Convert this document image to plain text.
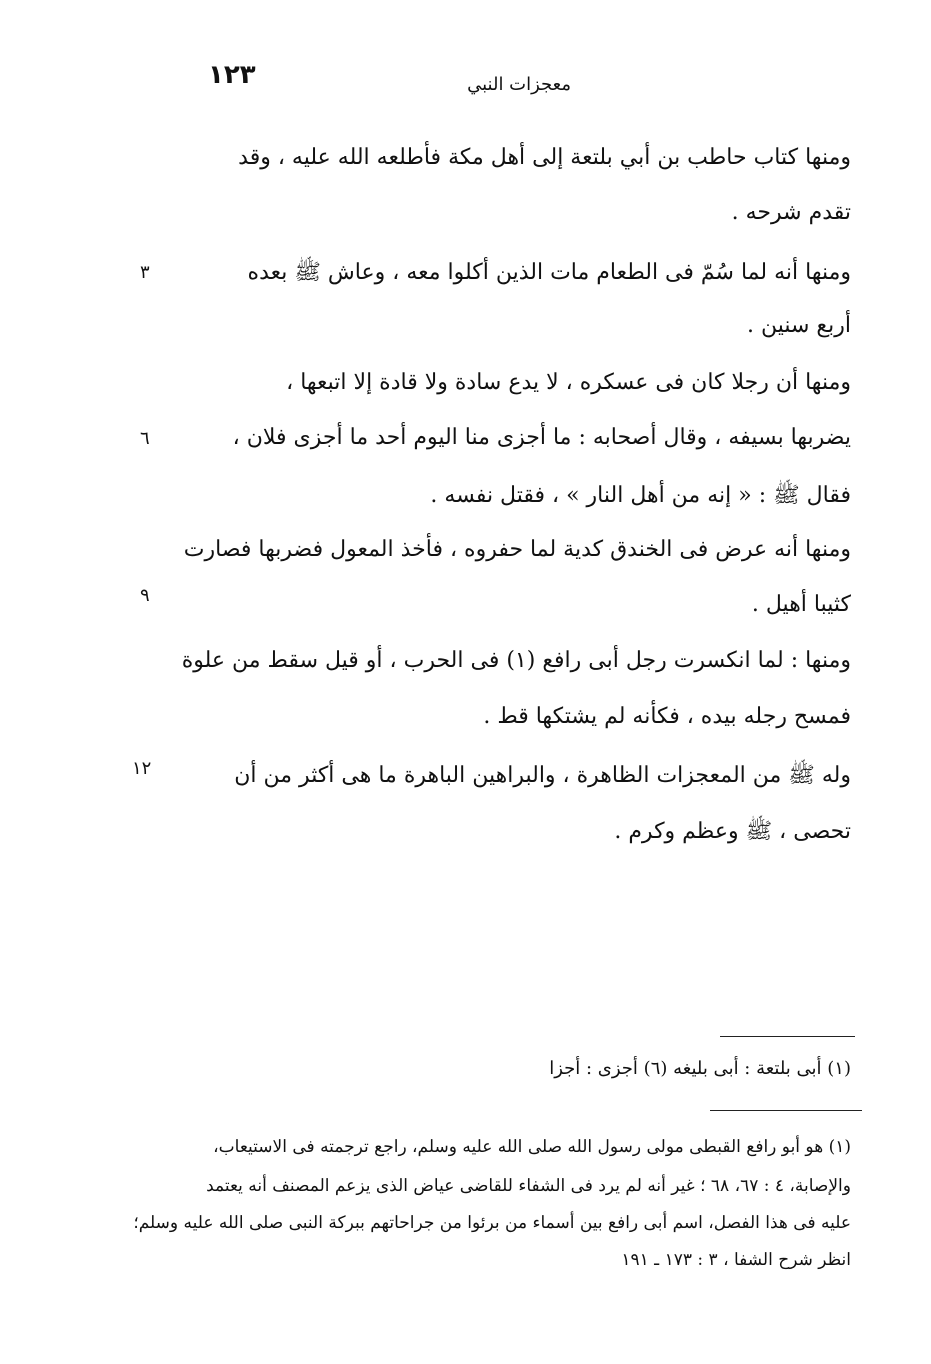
١٢٣	معجزات النبي
ومنها كتاب حاطب بن أبي بلتعة إلى أهل مكة فأطلعه الله عليه ، وقد
تقدم شرحه .
ومنها أنه لما سُمّ فى الطعام مات الذين أكلوا معه ، وعاش ﷺ بعده
أربع سنين .
ومنها أن رجلا كان فى عسكره ، لا يدع سادة ولا قادة إلا اتبعها ،
يضربها بسيفه ، وقال أصحابه : ما أجزى منا اليوم أحد ما أجزى فلان ،
فقال ﷺ : « إنه من أهل النار » ، فقتل نفسه .
ومنها أنه عرض فى الخندق كدية لما حفروه ، فأخذ المعول فضربها فصارت
كثيبا أهيل .
ومنها : لما انكسرت رجل أبى رافع (١) فى الحرب ، أو قيل سقط من علوة
فمسح رجله بيده ، فكأنه لم يشتكها قط .
وله ﷺ من المعجزات الظاهرة ، والبراهين الباهرة ما هى أكثر من أن
تحصى ، ﷺ وعظم وكرم .
٣
٦
٩
١٢
(١) أبى بلتعة : أبى بليغه (٦) أجزى : أجزا
(١) هو أبو رافع القبطى مولى رسول الله صلى الله عليه وسلم، راجع ترجمته فى الاستيعاب،
والإصابة، ٤ : ٦٧، ٦٨ ؛ غير أنه لم يرد فى الشفاء للقاضى عياض الذى يزعم المصنف أنه يعتمد
عليه فى هذا الفصل، اسم أبى رافع بين أسماء من برئوا من جراحاتهم ببركة النبى صلى الله عليه وسلم؛
انظر شرح الشفا ، ٣ : ١٧٣ ـ ١٩١
